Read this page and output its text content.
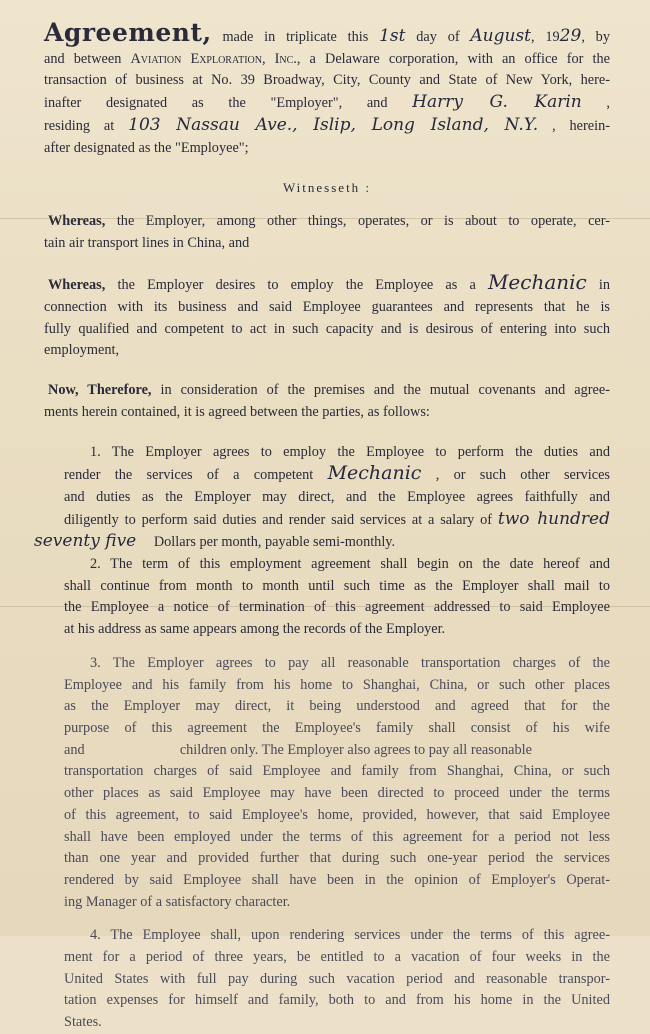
Agreement, made in triplicate this 1st day of August, 1929, by
and between Aviation Exploration, Inc., a Delaware corporation, with an office for the
transaction of business at No. 39 Broadway, City, County and State of New York, here-
inafter designated as the "Employer", and Harry G. Karin ,
residing at 103 Nassau Ave., Islip, Long Island, N.Y. , herein-
after designated as the "Employee";
Witnesseth :
Whereas, the Employer, among other things, operates, or is about to operate, cer-
tain air transport lines in China, and
Whereas, the Employer desires to employ the Employee as a Mechanic in
connection with its business and said Employee guarantees and represents that he is
fully qualified and competent to act in such capacity and is desirous of entering into such
employment,
Now, Therefore, in consideration of the premises and the mutual covenants and agree-
ments herein contained, it is agreed between the parties, as follows:
1. The Employer agrees to employ the Employee to perform the duties and
render the services of a competent Mechanic , or such other services
and duties as the Employer may direct, and the Employee agrees faithfully and
diligently to perform said duties and render said services at a salary of two hundred
seventy five Dollars per month, payable semi-monthly.
2. The term of this employment agreement shall begin on the date hereof and
shall continue from month to month until such time as the Employer shall mail to
the Employee a notice of termination of this agreement addressed to said Employee
at his address as same appears among the records of the Employer.
3. The Employer agrees to pay all reasonable transportation charges of the
Employee and his family from his home to Shanghai, China, or such other places
as the Employer may direct, it being understood and agreed that for the
purpose of this agreement the Employee's family shall consist of his wife
and	children only. The Employer also agrees to pay all reasonable
transportation charges of said Employee and family from Shanghai, China, or such
other places as said Employee may have been directed to proceed under the terms
of this agreement, to said Employee's home, provided, however, that said Employee
shall have been employed under the terms of this agreement for a period not less
than one year and provided further that during such one-year period the services
rendered by said Employee shall have been in the opinion of Employer's Operat-
ing Manager of a satisfactory character.
4. The Employee shall, upon rendering services under the terms of this agree-
ment for a period of three years, be entitled to a vacation of four weeks in the
United States with full pay during such vacation period and reasonable transpor-
tation expenses for himself and family, both to and from his home in the United
States.
